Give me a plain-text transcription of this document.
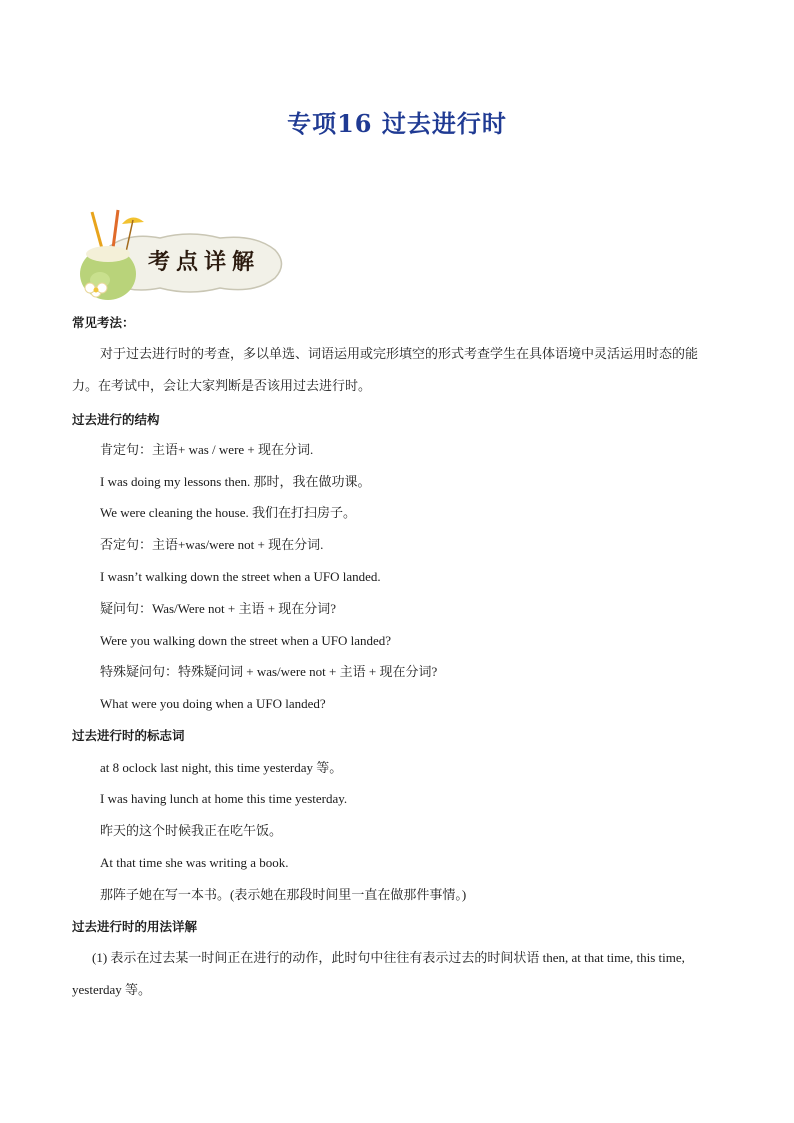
专项16 过去进行时
考点详解
常见考法：
对于过去进行时的考查，多以单选、词语运用或完形填空的形式考查学生在具体语境中灵活运用时态的能力。在考试中，会让大家判断是否该用过去进行时。
过去进行的结构
肯定句：主语+ was / were + 现在分词.
I was doing my lessons then. 那时，我在做功课。
We were cleaning the house. 我们在打扫房子。
否定句：主语+was/were not + 现在分词.
I wasn’t walking down the street when a UFO landed.
疑问句：Was/Were not + 主语 + 现在分词?
Were you walking down the street when a UFO landed?
特殊疑问句：特殊疑问词 + was/were not + 主语 + 现在分词?
What were you doing when a UFO landed?
过去进行时的标志词
at 8 oclock last night, this time yesterday 等。
I was having lunch at home this time yesterday.
昨天的这个时候我正在吃午饭。
At that time she was writing a book.
那阵子她在写一本书。(表示她在那段时间里一直在做那件事情。)
过去进行时的用法详解
(1) 表示在过去某一时间正在进行的动作，此时句中往往有表示过去的时间状语 then, at that time, this time, yesterday 等。
